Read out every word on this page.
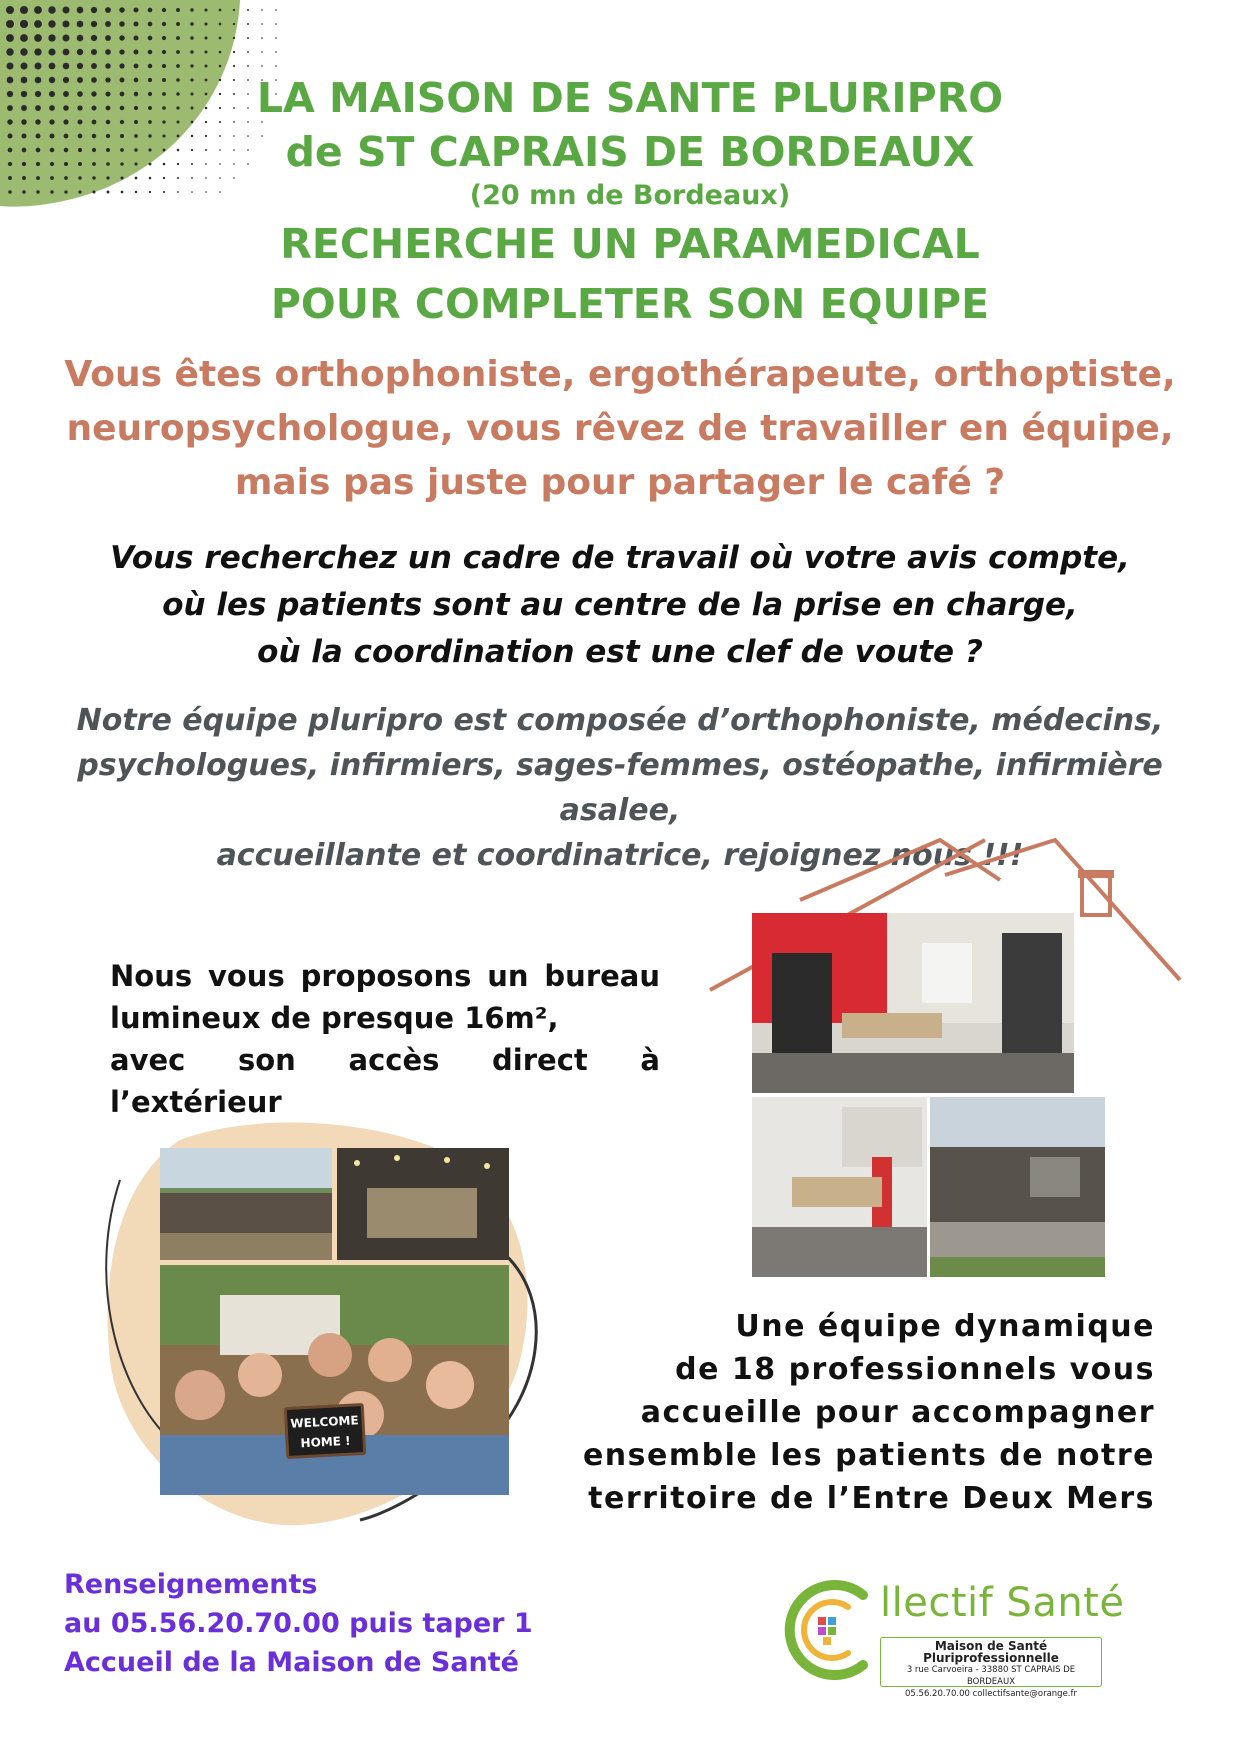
LA MAISON DE SANTE PLURIPRO
de ST CAPRAIS DE BORDEAUX
(20 mn de Bordeaux)
RECHERCHE UN PARAMEDICAL
POUR COMPLETER SON EQUIPE
Vous êtes orthophoniste, ergothérapeute, orthoptiste,
neuropsychologue, vous rêvez de travailler en équipe,
mais pas juste pour partager le café ?
Vous recherchez un cadre de travail où votre avis compte,
où les patients sont au centre de la prise en charge,
où la coordination est une clef de voute ?
Notre équipe pluripro est composée d’orthophoniste, médecins,
psychologues, infirmiers, sages-femmes, ostéopathe, infirmière asalee,
accueillante et coordinatrice, rejoignez nous !!!
Nous vous proposons un bureau lumineux de presque 16m²,
avec son accès direct à l’extérieur
WELCOME
HOME !
Une équipe dynamique
de 18 professionnels vous
accueille pour accompagner
ensemble les patients de notre
territoire de l’Entre Deux Mers
Renseignements
au 05.56.20.70.00 puis taper 1
Accueil de la Maison de Santé
llectif Santé
Maison de Santé Pluriprofessionnelle
3 rue Carvoeira - 33880 ST CAPRAIS DE BORDEAUX
05.56.20.70.00 collectifsante@orange.fr
